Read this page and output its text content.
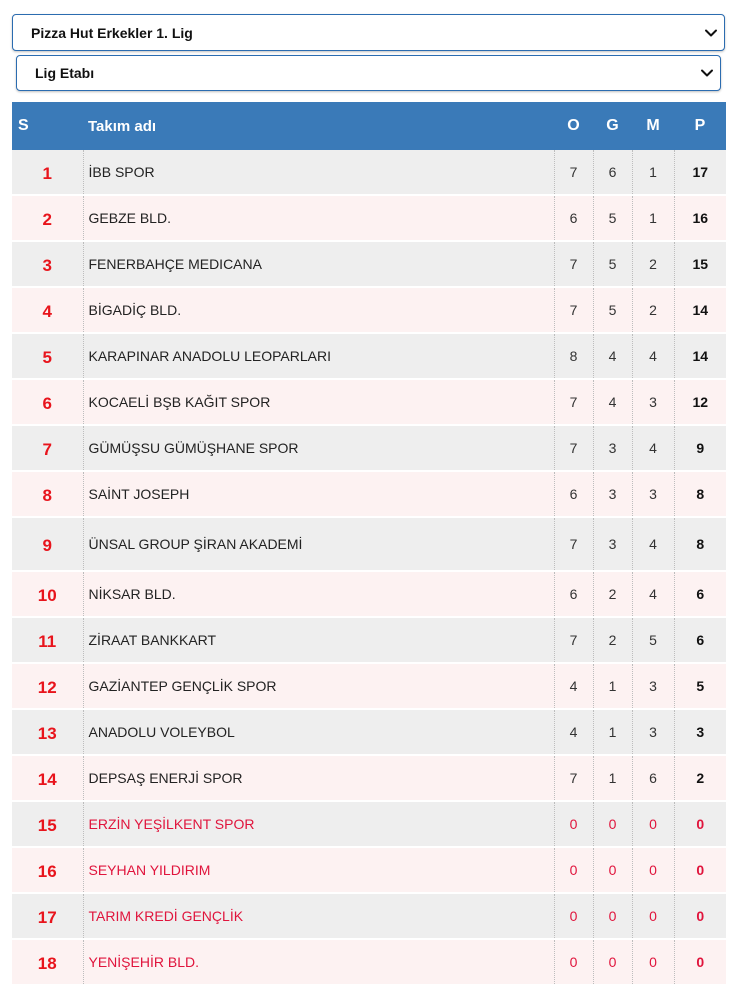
Pizza Hut Erkekler 1. Lig
Lig Etabı
S	Takım adı	O	G	M	P
1	İBB SPOR	7	6	1	17
2	GEBZE BLD.	6	5	1	16
3	FENERBAHÇE MEDICANA	7	5	2	15
4	BİGADİÇ BLD.	7	5	2	14
5	KARAPINAR ANADOLU LEOPARLARI	8	4	4	14
6	KOCAELİ BŞB KAĞIT SPOR	7	4	3	12
7	GÜMÜŞSU GÜMÜŞHANE SPOR	7	3	4	9
8	SAİNT JOSEPH	6	3	3	8
9	ÜNSAL GROUP ŞİRAN AKADEMİ	7	3	4	8
10	NİKSAR BLD.	6	2	4	6
11	ZİRAAT BANKKART	7	2	5	6
12	GAZİANTEP GENÇLİK SPOR	4	1	3	5
13	ANADOLU VOLEYBOL	4	1	3	3
14	DEPSAŞ ENERJİ SPOR	7	1	6	2
15	ERZİN YEŞİLKENT SPOR	0	0	0	0
16	SEYHAN YILDIRIM	0	0	0	0
17	TARIM KREDİ GENÇLİK	0	0	0	0
18	YENİŞEHİR BLD.	0	0	0	0
